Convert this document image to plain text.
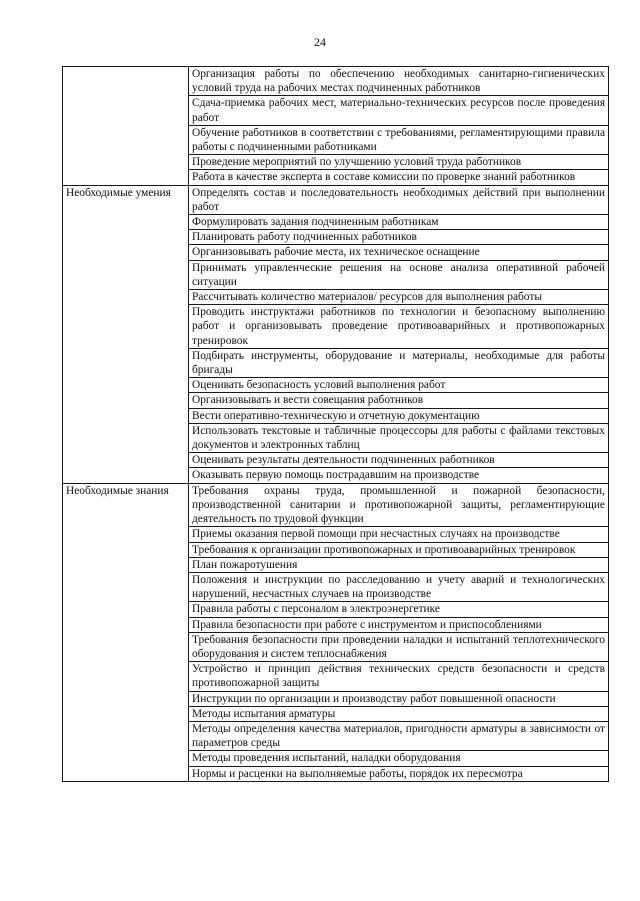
24
	Организация работы по обеспечению необходимых санитарно-гигиенических условий труда на рабочих местах подчиненных работников
	Сдача-приемка рабочих мест, материально-технических ресурсов после проведения работ
	Обучение работников в соответствии с требованиями, регламентирующими правила работы с подчиненными работниками
	Проведение мероприятий по улучшению условий труда работников
	Работа в качестве эксперта в составе комиссии по проверке знаний работников
Необходимые умения	Определять состав и последовательность необходимых действий при выполнении работ
	Формулировать задания подчиненным работникам
	Планировать работу подчиненных работников
	Организовывать рабочие места, их техническое оснащение
	Принимать управленческие решения на основе анализа оперативной рабочей ситуации
	Рассчитывать количество материалов/ ресурсов для выполнения работы
	Проводить инструктажи работников по технологии и безопасному выполнению работ и организовывать проведение противоаварийных и противопожарных тренировок
	Подбирать инструменты, оборудование и материалы, необходимые для работы бригады
	Оценивать безопасность условий выполнения работ
	Организовывать и вести совещания работников
	Вести оперативно-техническую и отчетную документацию
	Использовать текстовые и табличные процессоры для работы с файлами текстовых документов и электронных таблиц
	Оценивать результаты деятельности подчиненных работников
	Оказывать первую помощь пострадавшим на производстве
Необходимые знания	Требования охраны труда, промышленной и пожарной безопасности, производственной санитарии и противопожарной защиты, регламентирующие деятельность по трудовой функции
	Приемы оказания первой помощи при несчастных случаях на производстве
	Требования к организации противопожарных и противоаварийных тренировок
	План пожаротушения
	Положения и инструкции по расследованию и учету аварий и технологических нарушений, несчастных случаев на производстве
	Правила работы с персоналом в электроэнергетике
	Правила безопасности при работе с инструментом и приспособлениями
	Требования безопасности при проведении наладки и испытаний теплотехнического оборудования и систем теплоснабжения
	Устройство и принцип действия технических средств безопасности и средств противопожарной защиты
	Инструкции по организации и производству работ повышенной опасности
	Методы испытания арматуры
	Методы определения качества материалов, пригодности арматуры в зависимости от параметров среды
	Методы проведения испытаний, наладки оборудования
	Нормы и расценки на выполняемые работы, порядок их пересмотра
